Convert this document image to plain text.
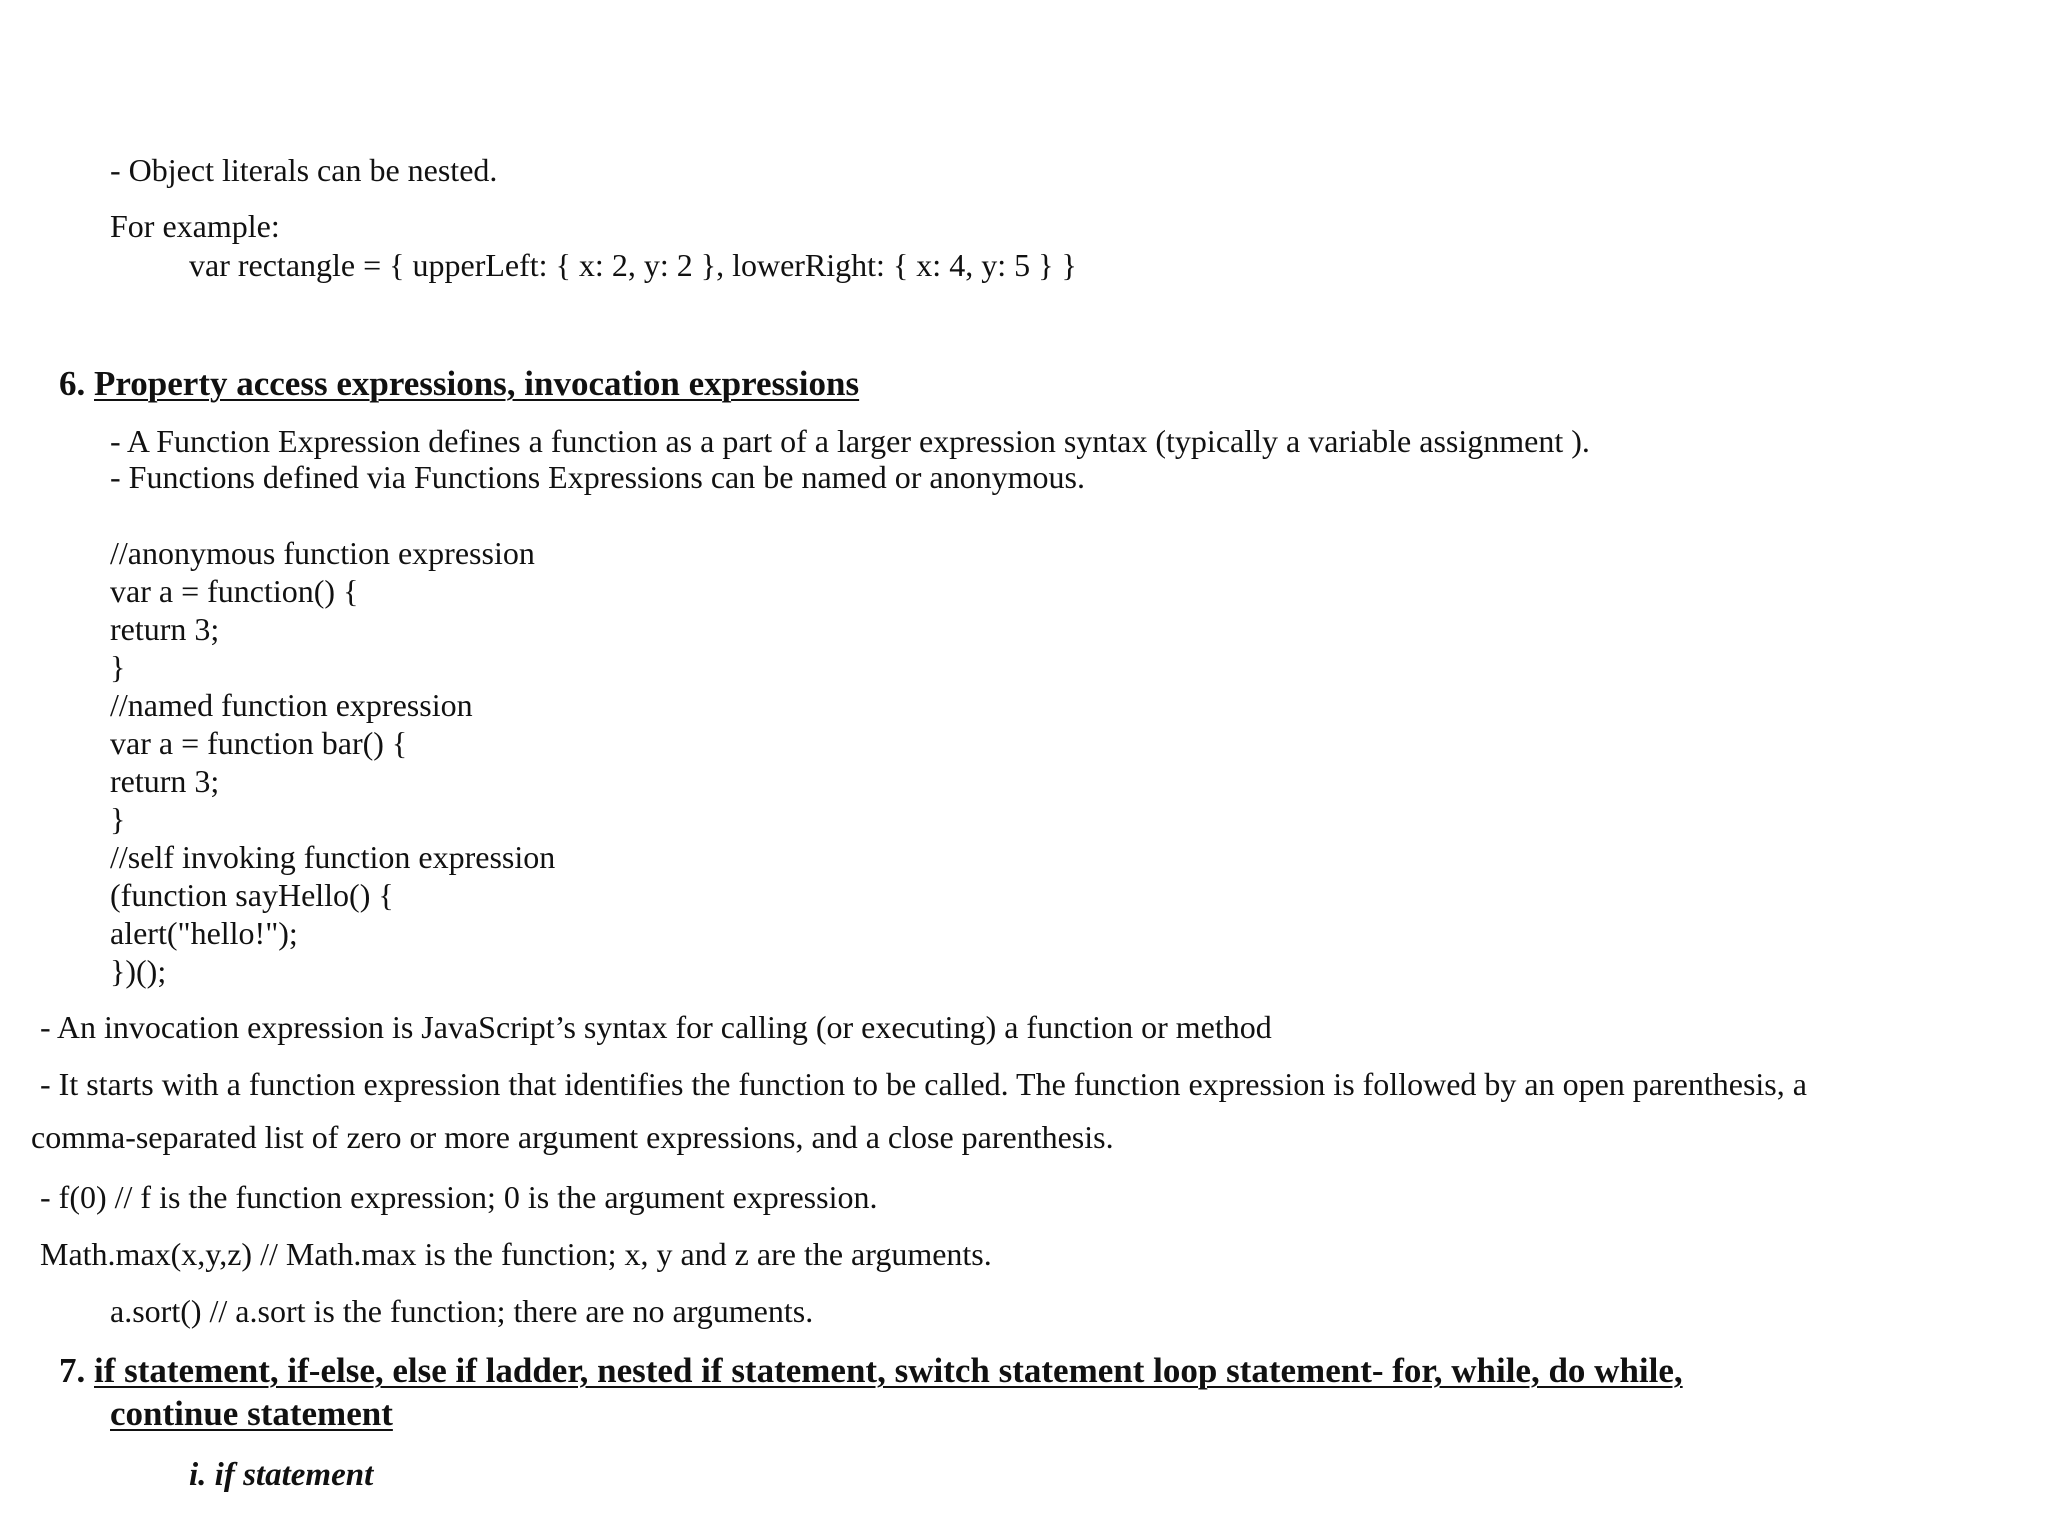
- Object literals can be nested.
For example:
var rectangle = { upperLeft: { x: 2, y: 2 }, lowerRight: { x: 4, y: 5 } }
6. Property access expressions, invocation expressions
- A Function Expression defines a function as a part of a larger expression syntax (typically a variable assignment ).
- Functions defined via Functions Expressions can be named or anonymous.
//anonymous function expression
var a = function() {
return 3;
}
//named function expression
var a = function bar() {
return 3;
}
//self invoking function expression
(function sayHello() {
alert("hello!");
})();
- An invocation expression is JavaScript’s syntax for calling (or executing) a function or method
- It starts with a function expression that identifies the function to be called. The function expression is followed by an open parenthesis, a
comma-separated list of zero or more argument expressions, and a close parenthesis.
- f(0) // f is the function expression; 0 is the argument expression.
Math.max(x,y,z) // Math.max is the function; x, y and z are the arguments.
a.sort() // a.sort is the function; there are no arguments.
7. if statement, if-else, else if ladder, nested if statement, switch statement loop statement- for, while, do while,
continue statement
i. if statement
